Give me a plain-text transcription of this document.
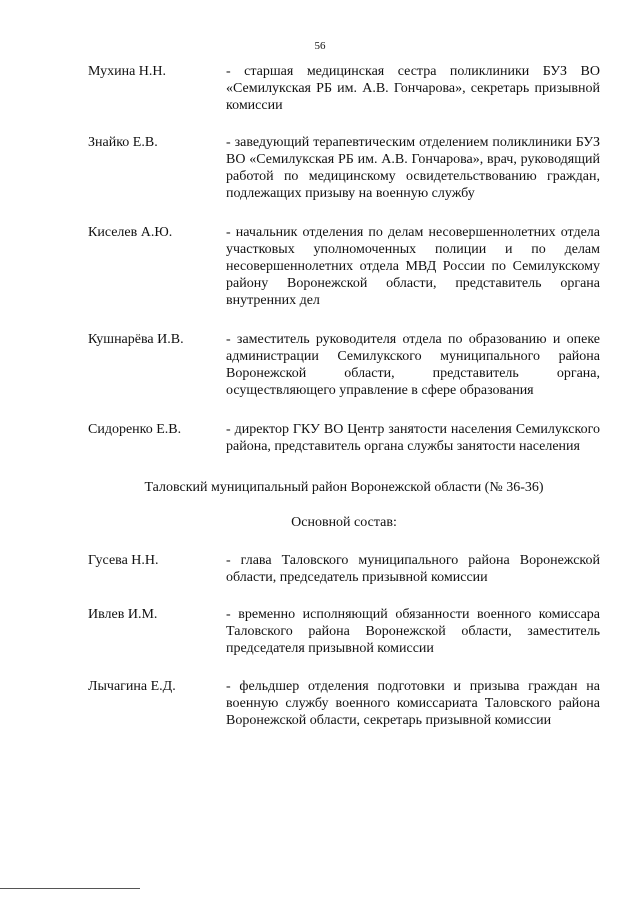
56
Мухина Н.Н.	- старшая медицинская сестра поликлиники БУЗ ВО «Семилукская РБ им. А.В. Гончарова», секретарь призывной комиссии
Знайко Е.В.	- заведующий терапевтическим отделением поликлиники БУЗ ВО «Семилукская РБ им. А.В. Гончарова», врач, руководящий работой по медицинскому освидетельствованию граждан, подлежащих призыву на военную службу
Киселев А.Ю.	- начальник отделения по делам несовершеннолетних отдела участковых уполномоченных полиции и по делам несовершеннолетних отдела МВД России по Семилукскому району Воронежской области, представитель органа внутренних дел
Кушнарёва И.В.	- заместитель руководителя отдела по образованию и опеке администрации Семилукского муниципального района Воронежской области, представитель органа, осуществляющего управление в сфере образования
Сидоренко Е.В.	- директор ГКУ ВО Центр занятости населения Семилукского района, представитель органа службы занятости населения
Таловский муниципальный район Воронежской области (№ 36-36)
Основной состав:
Гусева Н.Н.	- глава Таловского муниципального района Воронежской области, председатель призывной комиссии
Ивлев И.М.	- временно исполняющий обязанности военного комиссара Таловского района Воронежской области, заместитель председателя призывной комиссии
Лычагина Е.Д.	- фельдшер отделения подготовки и призыва граждан на военную службу военного комиссариата Таловского района Воронежской области, секретарь призывной комиссии
